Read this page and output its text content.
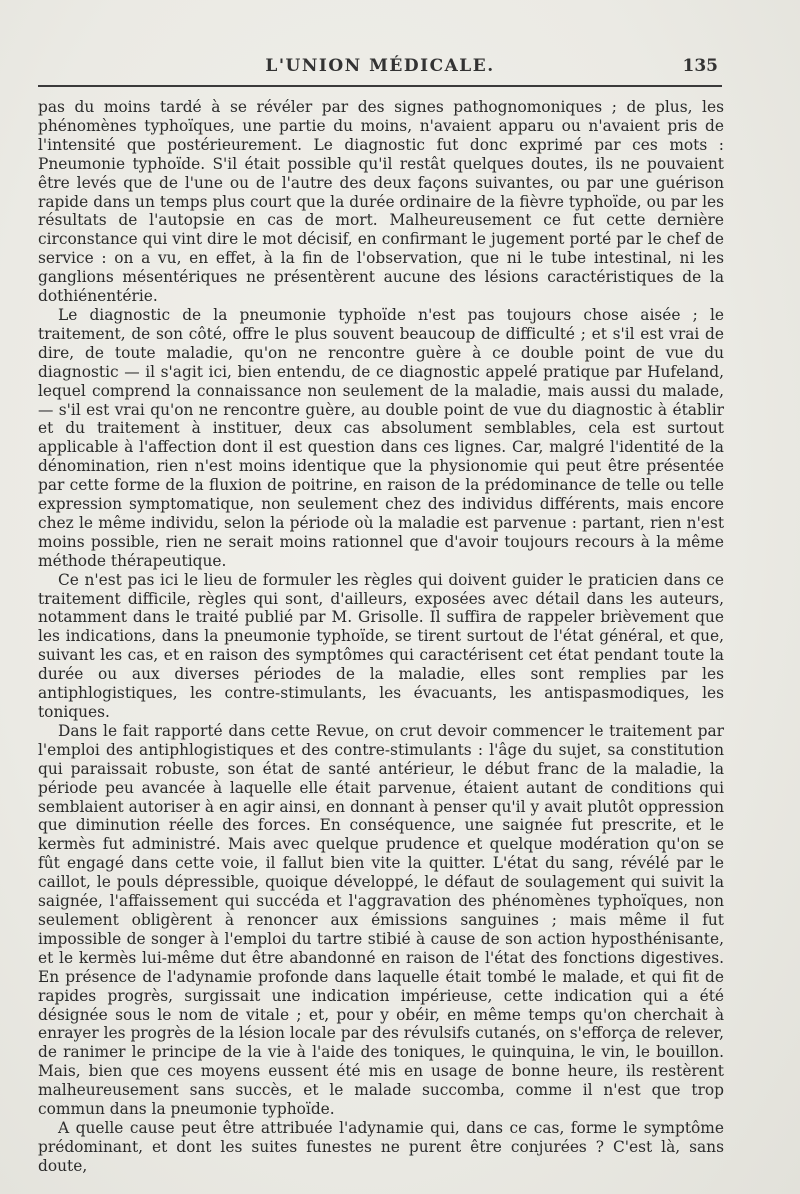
L'UNION MÉDICALE.	135

pas du moins tardé à se révéler par des signes pathognomoniques ; de plus, les phénomènes typhoïques, une partie du moins, n'avaient apparu ou n'avaient pris de l'intensité que postérieurement. Le diagnostic fut donc exprimé par ces mots : Pneumonie typhoïde. S'il était possible qu'il restât quelques doutes, ils ne pouvaient être levés que de l'une ou de l'autre des deux façons suivantes, ou par une guérison rapide dans un temps plus court que la durée ordinaire de la fièvre typhoïde, ou par les résultats de l'autopsie en cas de mort. Malheureusement ce fut cette dernière circonstance qui vint dire le mot décisif, en confirmant le jugement porté par le chef de service : on a vu, en effet, à la fin de l'observation, que ni le tube intestinal, ni les ganglions mésentériques ne présentèrent aucune des lésions caractéristiques de la dothiénentérie.

Le diagnostic de la pneumonie typhoïde n'est pas toujours chose aisée ; le traitement, de son côté, offre le plus souvent beaucoup de difficulté ; et s'il est vrai de dire, de toute maladie, qu'on ne rencontre guère à ce double point de vue du diagnostic — il s'agit ici, bien entendu, de ce diagnostic appelé pratique par Hufeland, lequel comprend la connaissance non seulement de la maladie, mais aussi du malade, — s'il est vrai qu'on ne rencontre guère, au double point de vue du diagnostic à établir et du traitement à instituer, deux cas absolument semblables, cela est surtout applicable à l'affection dont il est question dans ces lignes. Car, malgré l'identité de la dénomination, rien n'est moins identique que la physionomie qui peut être présentée par cette forme de la fluxion de poitrine, en raison de la prédominance de telle ou telle expression symptomatique, non seulement chez des individus différents, mais encore chez le même individu, selon la période où la maladie est parvenue : partant, rien n'est moins possible, rien ne serait moins rationnel que d'avoir toujours recours à la même méthode thérapeutique.

Ce n'est pas ici le lieu de formuler les règles qui doivent guider le praticien dans ce traitement difficile, règles qui sont, d'ailleurs, exposées avec détail dans les auteurs, notamment dans le traité publié par M. Grisolle. Il suffira de rappeler brièvement que les indications, dans la pneumonie typhoïde, se tirent surtout de l'état général, et que, suivant les cas, et en raison des symptômes qui caractérisent cet état pendant toute la durée ou aux diverses périodes de la maladie, elles sont remplies par les antiphlogistiques, les contre-stimulants, les évacuants, les antispasmodiques, les toniques.

Dans le fait rapporté dans cette Revue, on crut devoir commencer le traitement par l'emploi des antiphlogistiques et des contre-stimulants : l'âge du sujet, sa constitution qui paraissait robuste, son état de santé antérieur, le début franc de la maladie, la période peu avancée à laquelle elle était parvenue, étaient autant de conditions qui semblaient autoriser à en agir ainsi, en donnant à penser qu'il y avait plutôt oppression que diminution réelle des forces. En conséquence, une saignée fut prescrite, et le kermès fut administré. Mais avec quelque prudence et quelque modération qu'on se fût engagé dans cette voie, il fallut bien vite la quitter. L'état du sang, révélé par le caillot, le pouls dépressible, quoique développé, le défaut de soulagement qui suivit la saignée, l'affaissement qui succéda et l'aggravation des phénomènes typhoïques, non seulement obligèrent à renoncer aux émissions sanguines ; mais même il fut impossible de songer à l'emploi du tartre stibié à cause de son action hyposthénisante, et le kermès lui-même dut être abandonné en raison de l'état des fonctions digestives. En présence de l'adynamie profonde dans laquelle était tombé le malade, et qui fit de rapides progrès, surgissait une indication impérieuse, cette indication qui a été désignée sous le nom de vitale ; et, pour y obéir, en même temps qu'on cherchait à enrayer les progrès de la lésion locale par des révulsifs cutanés, on s'efforça de relever, de ranimer le principe de la vie à l'aide des toniques, le quinquina, le vin, le bouillon. Mais, bien que ces moyens eussent été mis en usage de bonne heure, ils restèrent malheureusement sans succès, et le malade succomba, comme il n'est que trop commun dans la pneumonie typhoïde.

A quelle cause peut être attribuée l'adynamie qui, dans ce cas, forme le symptôme prédominant, et dont les suites funestes ne purent être conjurées ? C'est là, sans doute,
